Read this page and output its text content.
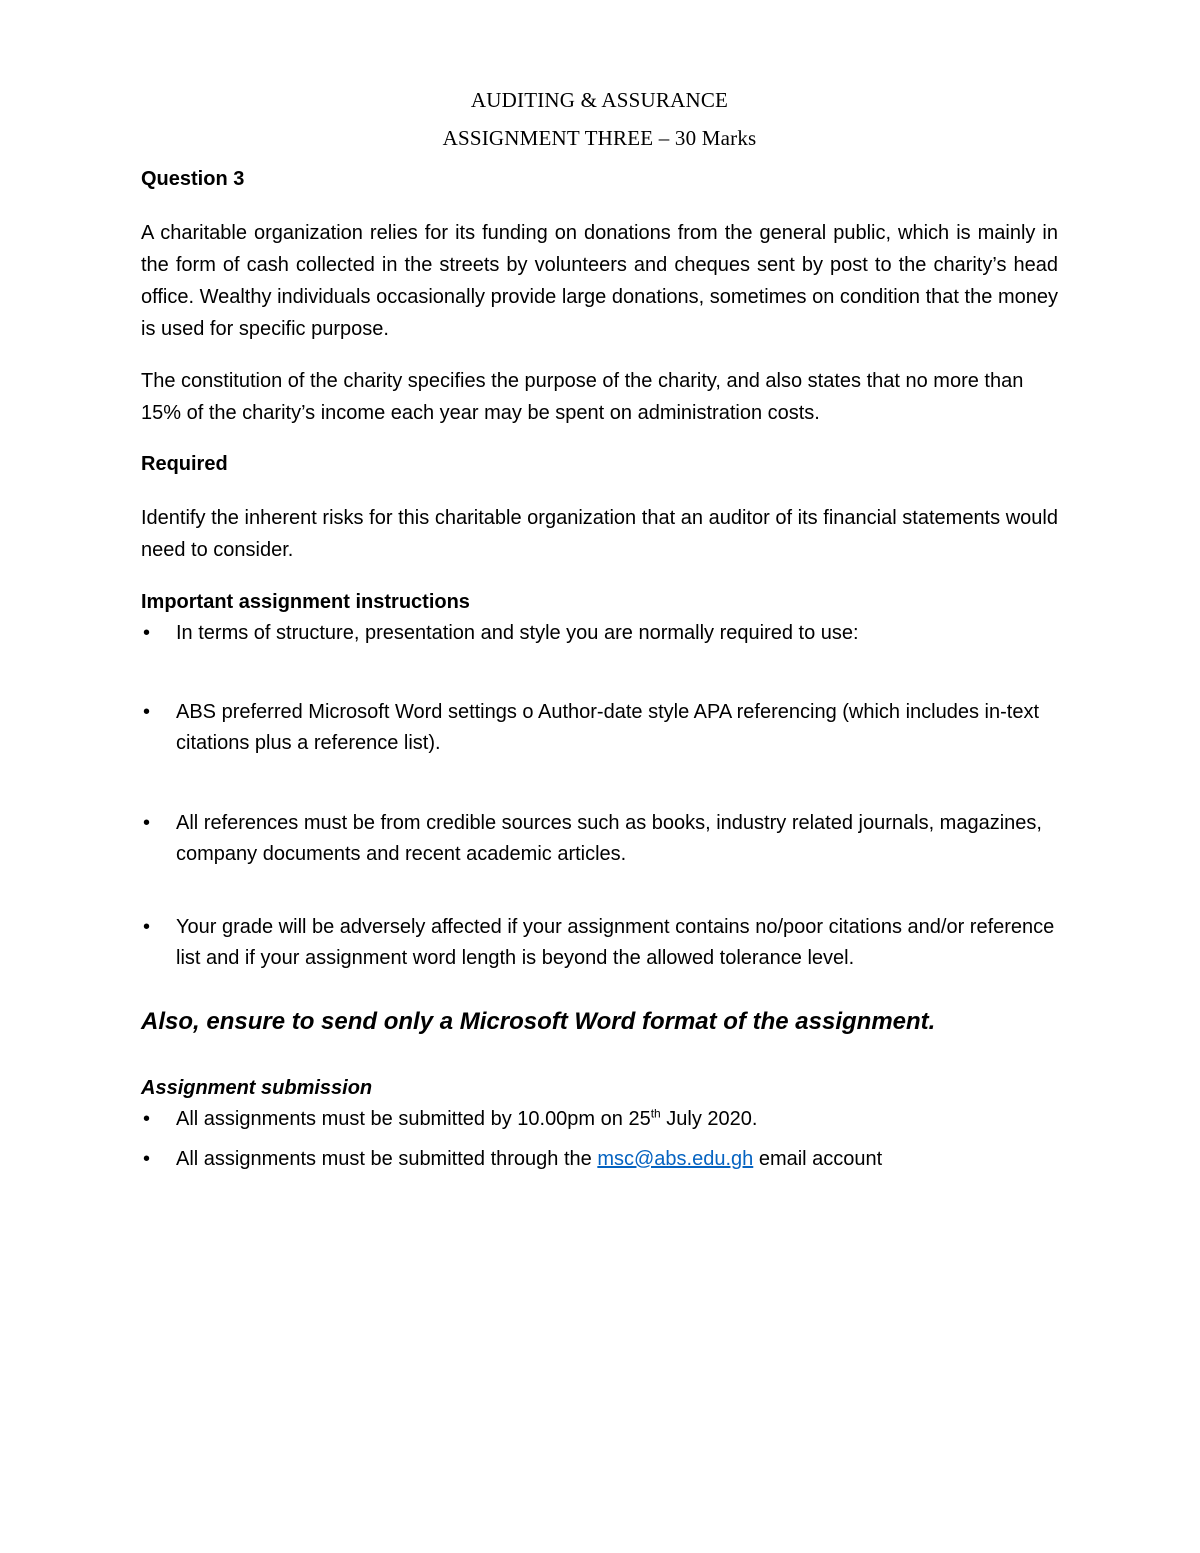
AUDITING & ASSURANCE
ASSIGNMENT THREE – 30 Marks
Question 3

A charitable organization relies for its funding on donations from the general public, which is mainly in the form of cash collected in the streets by volunteers and cheques sent by post to the charity’s head office. Wealthy individuals occasionally provide large donations, sometimes on condition that the money is used for specific purpose.

The constitution of the charity specifies the purpose of the charity, and also states that no more than 15% of the charity’s income each year may be spent on administration costs.

Required

Identify the inherent risks for this charitable organization that an auditor of its financial statements would need to consider.

Important assignment instructions
•	In terms of structure, presentation and style you are normally required to use:
•	ABS preferred Microsoft Word settings o Author-date style APA referencing (which includes in-text citations plus a reference list).
•	All references must be from credible sources such as books, industry related journals, magazines, company documents and recent academic articles.
•	Your grade will be adversely affected if your assignment contains no/poor citations and/or reference list and if your assignment word length is beyond the allowed tolerance level.
Also, ensure to send only a Microsoft Word format of the assignment.
Assignment submission
•	All assignments must be submitted by 10.00pm on 25th July 2020.
•	All assignments must be submitted through the msc@abs.edu.gh email account
